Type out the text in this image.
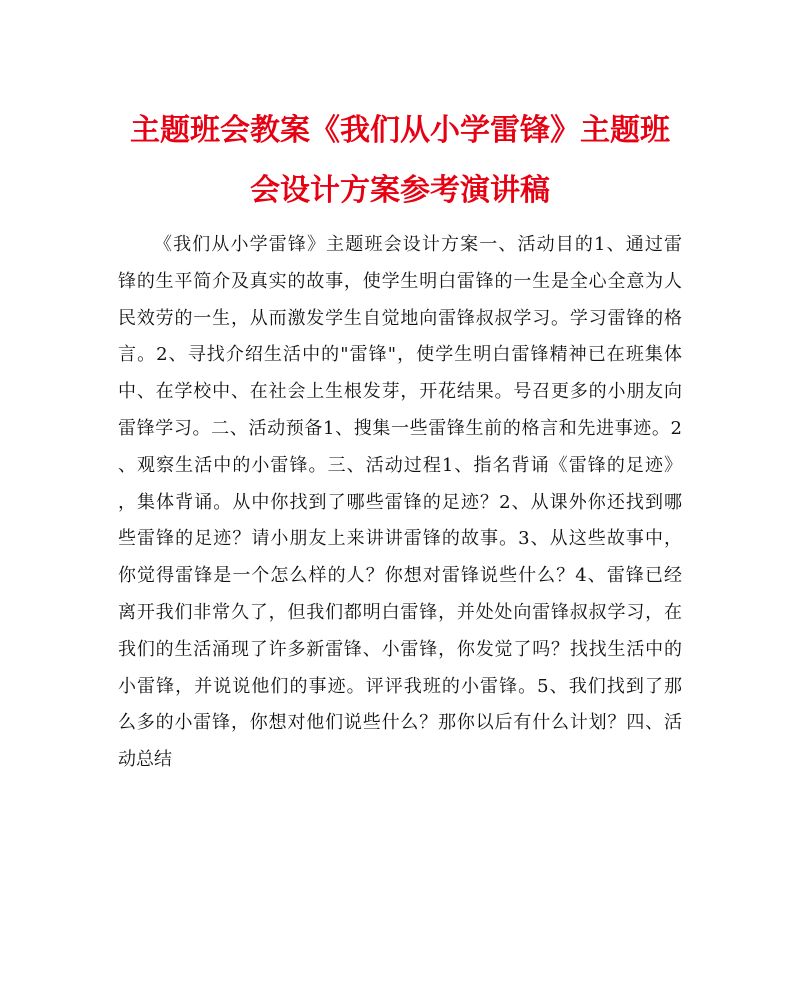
主题班会教案《我们从小学雷锋》主题班
会设计方案参考演讲稿
《我们从小学雷锋》主题班会设计方案一、活动目的1、通过雷
锋的生平简介及真实的故事，使学生明白雷锋的一生是全心全意为人
民效劳的一生，从而激发学生自觉地向雷锋叔叔学习。学习雷锋的格
言。2、寻找介绍生活中的"雷锋"，使学生明白雷锋精神已在班集体
中、在学校中、在社会上生根发芽，开花结果。号召更多的小朋友向
雷锋学习。二、活动预备1、搜集一些雷锋生前的格言和先进事迹。2
、观察生活中的小雷锋。三、活动过程1、指名背诵《雷锋的足迹》
，集体背诵。从中你找到了哪些雷锋的足迹？2、从课外你还找到哪
些雷锋的足迹？请小朋友上来讲讲雷锋的故事。3、从这些故事中，
你觉得雷锋是一个怎么样的人？你想对雷锋说些什么？4、雷锋已经
离开我们非常久了，但我们都明白雷锋，并处处向雷锋叔叔学习，在
我们的生活涌现了许多新雷锋、小雷锋，你发觉了吗？找找生活中的
小雷锋，并说说他们的事迹。评评我班的小雷锋。5、我们找到了那
么多的小雷锋，你想对他们说些什么？那你以后有什么计划？四、活
动总结
